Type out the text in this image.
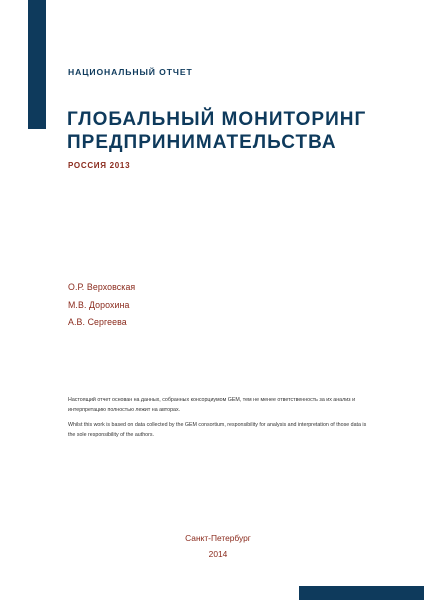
НАЦИОНАЛЬНЫЙ ОТЧЕТ

ГЛОБАЛЬНЫЙ МОНИТОРИНГ
ПРЕДПРИНИМАТЕЛЬСТВА

РОССИЯ 2013

О.Р. Верховская
М.В. Дорохина
А.В. Сергеева

Настоящий отчет основан на данных, собранных консорциумом GEM, тем не менее ответственность за их анализ и интерпретацию полностью лежит на авторах.

Whilst this work is based on data collected by the GEM consortium, responsibility for analysis and interpretation of those data is the sole responsibility of the authors.

Санкт-Петербург
2014
